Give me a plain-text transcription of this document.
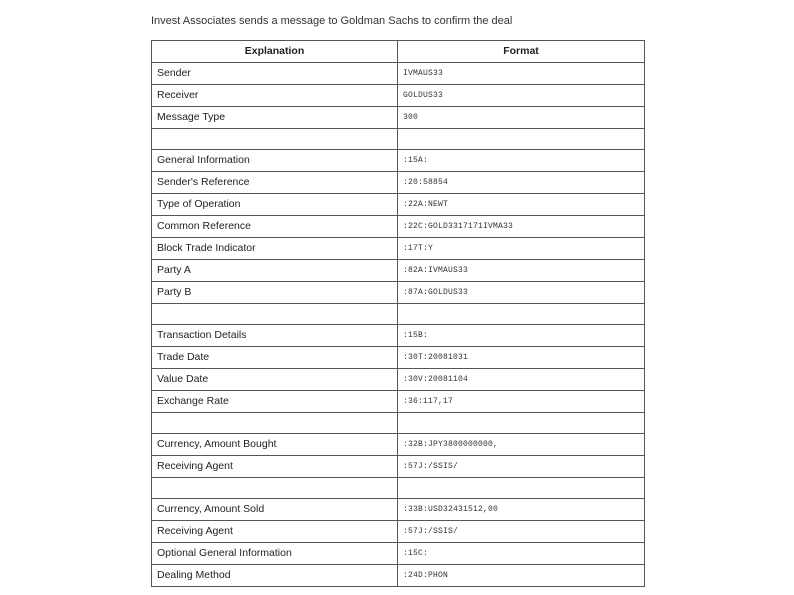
Invest Associates sends a message to Goldman Sachs to confirm the deal
Explanation	Format
Sender	IVMAUS33
Receiver	GOLDUS33
Message Type	300

General Information	:15A:
Sender's Reference	:20:58854
Type of Operation	:22A:NEWT
Common Reference	:22C:GOLD3317171IVMA33
Block Trade Indicator	:17T:Y
Party A	:82A:IVMAUS33
Party B	:87A:GOLDUS33

Transaction Details	:15B:
Trade Date	:30T:20081031
Value Date	:30V:20081104
Exchange Rate	:36:117,17

Currency, Amount Bought	:32B:JPY3800000000,
Receiving Agent	:57J:/SSIS/

Currency, Amount Sold	:33B:USD32431512,00
Receiving Agent	:57J:/SSIS/
Optional General Information	:15C:
Dealing Method	:24D:PHON
